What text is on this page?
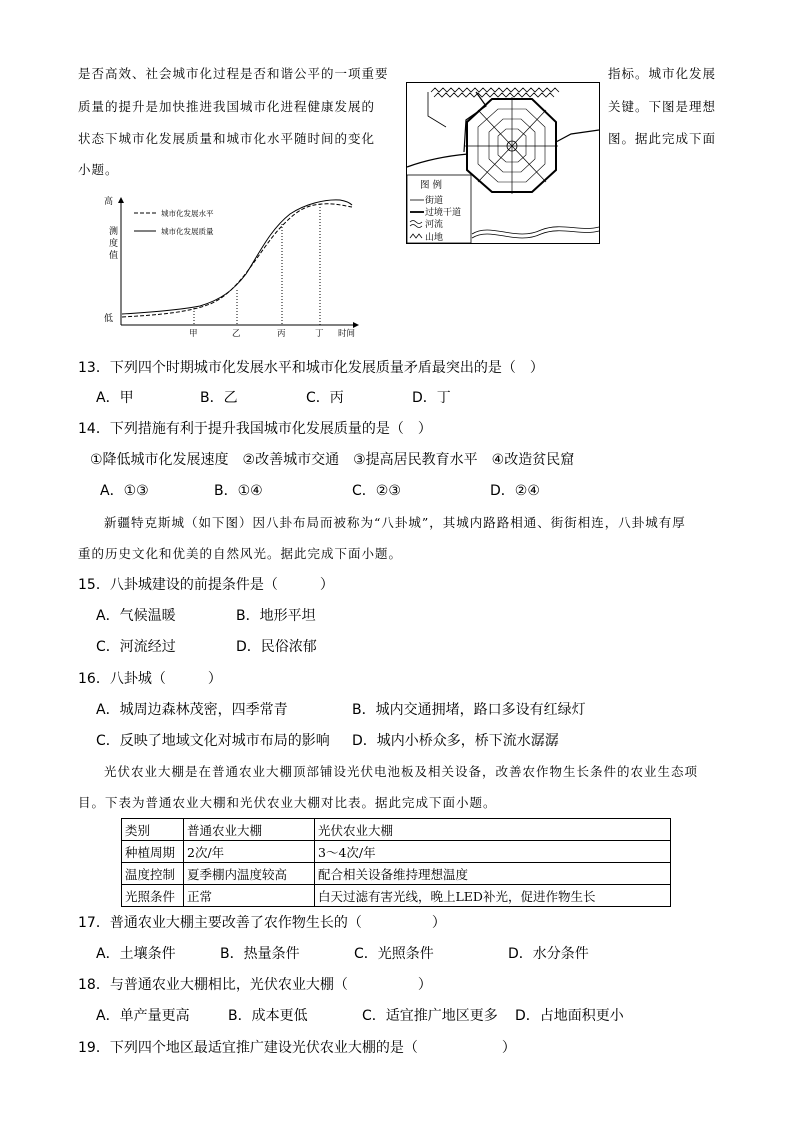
是否高效、社会城市化过程是否和谐公平的一项重要	指标。城市化发展
质量的提升是加快推进我国城市化进程健康发展的	关键。下图是理想
状态下城市化发展质量和城市化水平随时间的变化	图。据此完成下面
小题。
高
测度值
低
时间
城市化发展水平
城市化发展质量
甲	乙	丙	丁
图 例
街道
过境干道
河流
山地
13．下列四个时期城市化发展水平和城市化发展质量矛盾最突出的是（　）
A．甲	B．乙	C．丙	D．丁
14．下列措施有利于提升我国城市化发展质量的是（　）
①降低城市化发展速度　②改善城市交通　③提高居民教育水平　④改造贫民窟
A．①③	B．①④	C．②③	D．②④
新疆特克斯城（如下图）因八卦布局而被称为“八卦城”，其城内路路相通、街街相连，八卦城有厚
重的历史文化和优美的自然风光。据此完成下面小题。
15．八卦城建设的前提条件是（　　　）
A．气候温暖	B．地形平坦
C．河流经过	D．民俗浓郁
16．八卦城（　　　）
A．城周边森林茂密，四季常青	B．城内交通拥堵，路口多设有红绿灯
C．反映了地域文化对城市布局的影响 D．城内小桥众多，桥下流水潺潺
光伏农业大棚是在普通农业大棚顶部铺设光伏电池板及相关设备，改善农作物生长条件的农业生态项
目。下表为普通农业大棚和光伏农业大棚对比表。据此完成下面小题。
类别	普通农业大棚	光伏农业大棚
种植周期	2次/年	3～4次/年
温度控制	夏季棚内温度较高	配合相关设备维持理想温度
光照条件	正常	白天过滤有害光线，晚上LED补光，促进作物生长
17．普通农业大棚主要改善了农作物生长的（　　　　　）
A．土壤条件	B．热量条件	C．光照条件	D．水分条件
18．与普通农业大棚相比，光伏农业大棚（　　　　　）
A．单产量更高	B．成本更低	C．适宜推广地区更多 D．占地面积更小
19．下列四个地区最适宜推广建设光伏农业大棚的是（　　　　　　）
